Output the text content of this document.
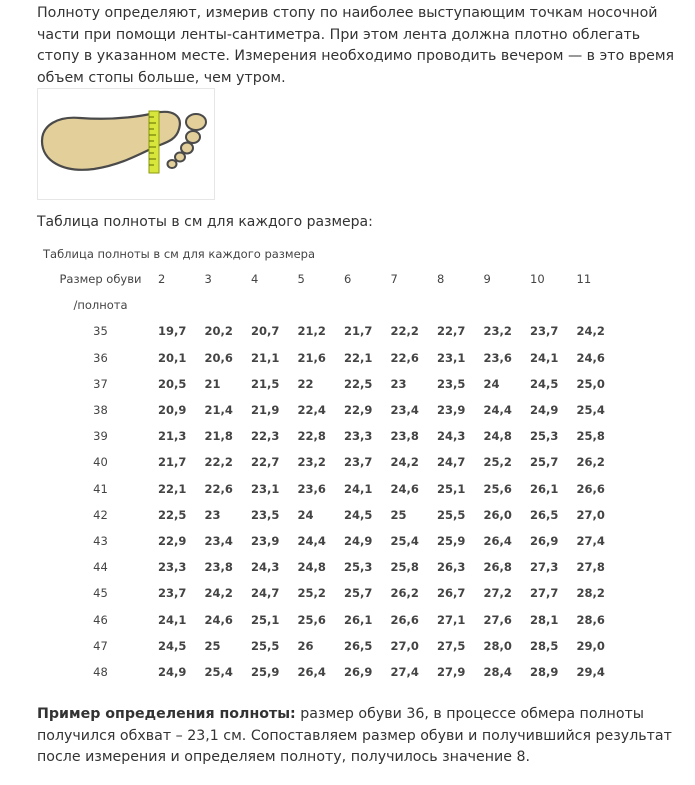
Полноту определяют, измерив стопу по наиболее выступающим точкам носочной части при помощи ленты-сантиметра. При этом лента должна плотно облегать стопу в указанном месте. Измерения необходимо проводить вечером — в это время объем стопы больше, чем утром.

Таблица полноты в см для каждого размера:

Таблица полноты в см для каждого размера
Размер обуви	2	3	4	5	6	7	8	9	10	11
/полнота										
35	19,7	20,2	20,7	21,2	21,7	22,2	22,7	23,2	23,7	24,2
36	20,1	20,6	21,1	21,6	22,1	22,6	23,1	23,6	24,1	24,6
37	20,5	21	21,5	22	22,5	23	23,5	24	24,5	25,0
38	20,9	21,4	21,9	22,4	22,9	23,4	23,9	24,4	24,9	25,4
39	21,3	21,8	22,3	22,8	23,3	23,8	24,3	24,8	25,3	25,8
40	21,7	22,2	22,7	23,2	23,7	24,2	24,7	25,2	25,7	26,2
41	22,1	22,6	23,1	23,6	24,1	24,6	25,1	25,6	26,1	26,6
42	22,5	23	23,5	24	24,5	25	25,5	26,0	26,5	27,0
43	22,9	23,4	23,9	24,4	24,9	25,4	25,9	26,4	26,9	27,4
44	23,3	23,8	24,3	24,8	25,3	25,8	26,3	26,8	27,3	27,8
45	23,7	24,2	24,7	25,2	25,7	26,2	26,7	27,2	27,7	28,2
46	24,1	24,6	25,1	25,6	26,1	26,6	27,1	27,6	28,1	28,6
47	24,5	25	25,5	26	26,5	27,0	27,5	28,0	28,5	29,0
48	24,9	25,4	25,9	26,4	26,9	27,4	27,9	28,4	28,9	29,4

Пример определения полноты: размер обуви 36, в процессе обмера полноты получился обхват – 23,1 см. Сопоставляем размер обуви и получившийся результат после измерения и определяем полноту, получилось значение 8.
